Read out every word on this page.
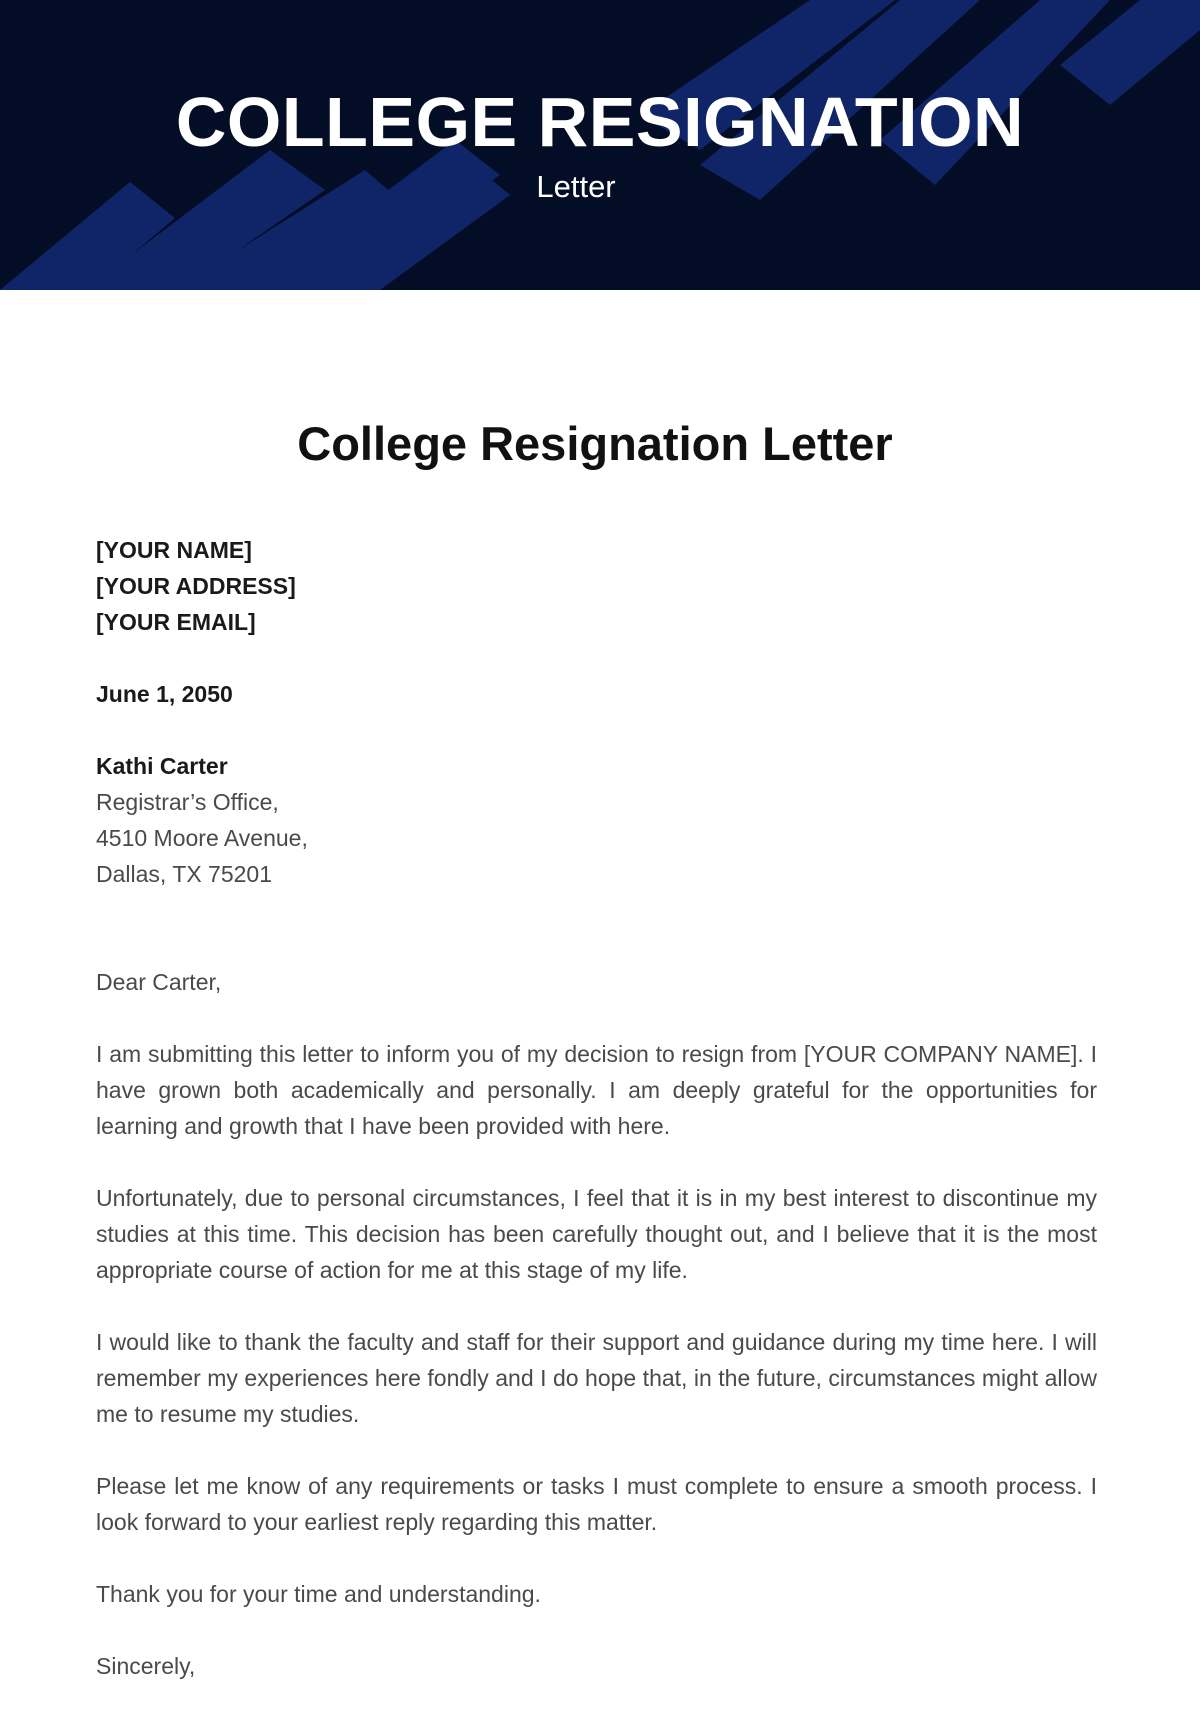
COLLEGE RESIGNATION
Letter
College Resignation Letter
[YOUR NAME]
[YOUR ADDRESS]
[YOUR EMAIL]
June 1, 2050
Kathi Carter
Registrar’s Office,
4510 Moore Avenue,
Dallas, TX 75201
Dear Carter,

I am submitting this letter to inform you of my decision to resign from [YOUR COMPANY NAME]. I have grown both academically and personally. I am deeply grateful for the opportunities for learning and growth that I have been provided with here.

Unfortunately, due to personal circumstances, I feel that it is in my best interest to discontinue my studies at this time. This decision has been carefully thought out, and I believe that it is the most appropriate course of action for me at this stage of my life.

I would like to thank the faculty and staff for their support and guidance during my time here. I will remember my experiences here fondly and I do hope that, in the future, circumstances might allow me to resume my studies.

Please let me know of any requirements or tasks I must complete to ensure a smooth process. I look forward to your earliest reply regarding this matter.

Thank you for your time and understanding.

Sincerely,
